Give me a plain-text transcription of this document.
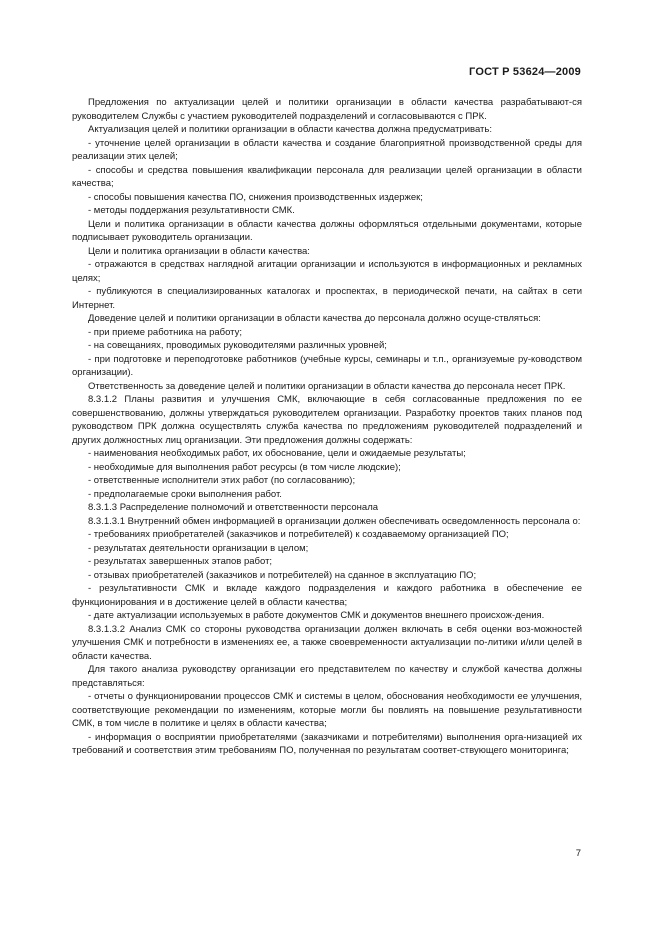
ГОСТ Р 53624—2009

Предложения по актуализации целей и политики организации в области качества разрабатывают-ся руководителем Службы с участием руководителей подразделений и согласовываются с ПРК.

Актуализация целей и политики организации в области качества должна предусматривать:

- уточнение целей организации в области качества и создание благоприятной производственной среды для реализации этих целей;

- способы и средства повышения квалификации персонала для реализации целей организации в области качества;

- способы повышения качества ПО, снижения производственных издержек;

- методы поддержания результативности СМК.

Цели и политика организации в области качества должны оформляться отдельными документами, которые подписывает руководитель организации.

Цели и политика организации в области качества:

- отражаются в средствах наглядной агитации организации и используются в информационных и рекламных целях;

- публикуются в специализированных каталогах и проспектах, в периодической печати, на сайтах в сети Интернет.

Доведение целей и политики организации в области качества до персонала должно осуще-ствляться:

- при приеме работника на работу;

- на совещаниях, проводимых руководителями различных уровней;

- при подготовке и переподготовке работников (учебные курсы, семинары и т.п., организуемые ру-ководством организации).

Ответственность за доведение целей и политики организации в области качества до персонала несет ПРК.

8.3.1.2 Планы развития и улучшения СМК, включающие в себя согласованные предложения по ее совершенствованию, должны утверждаться руководителем организации. Разработку проектов таких планов под руководством ПРК должна осуществлять служба качества по предложениям руководителей подразделений и других должностных лиц организации. Эти предложения должны содержать:

- наименования необходимых работ, их обоснование, цели и ожидаемые результаты;

- необходимые для выполнения работ ресурсы (в том числе людские);

- ответственные исполнители этих работ (по согласованию);

- предполагаемые сроки выполнения работ.

8.3.1.3 Распределение полномочий и ответственности персонала

8.3.1.3.1 Внутренний обмен информацией в организации должен обеспечивать осведомленность персонала о:

- требованиях приобретателей (заказчиков и потребителей) к создаваемому организацией ПО;

- результатах деятельности организации в целом;

- результатах завершенных этапов работ;

- отзывах приобретателей (заказчиков и потребителей) на сданное в эксплуатацию ПО;

- результативности СМК и вкладе каждого подразделения и каждого работника в обеспечение ее функционирования и в достижение целей в области качества;

- дате актуализации используемых в работе документов СМК и документов внешнего происхож-дения.

8.3.1.3.2 Анализ СМК со стороны руководства организации должен включать в себя оценки воз-можностей улучшения СМК и потребности в изменениях ее, а также своевременности актуализации по-литики и/или целей в области качества.

Для такого анализа руководству организации его представителем по качеству и службой качества должны представляться:

- отчеты о функционировании процессов СМК и системы в целом, обоснования необходимости ее улучшения, соответствующие рекомендации по изменениям, которые могли бы повлиять на повышение результативности СМК, в том числе в политике и целях в области качества;

- информация о восприятии приобретателями (заказчиками и потребителями) выполнения орга-низацией их требований и соответствия этим требованиям ПО, полученная по результатам соответ-ствующего мониторинга;

7
